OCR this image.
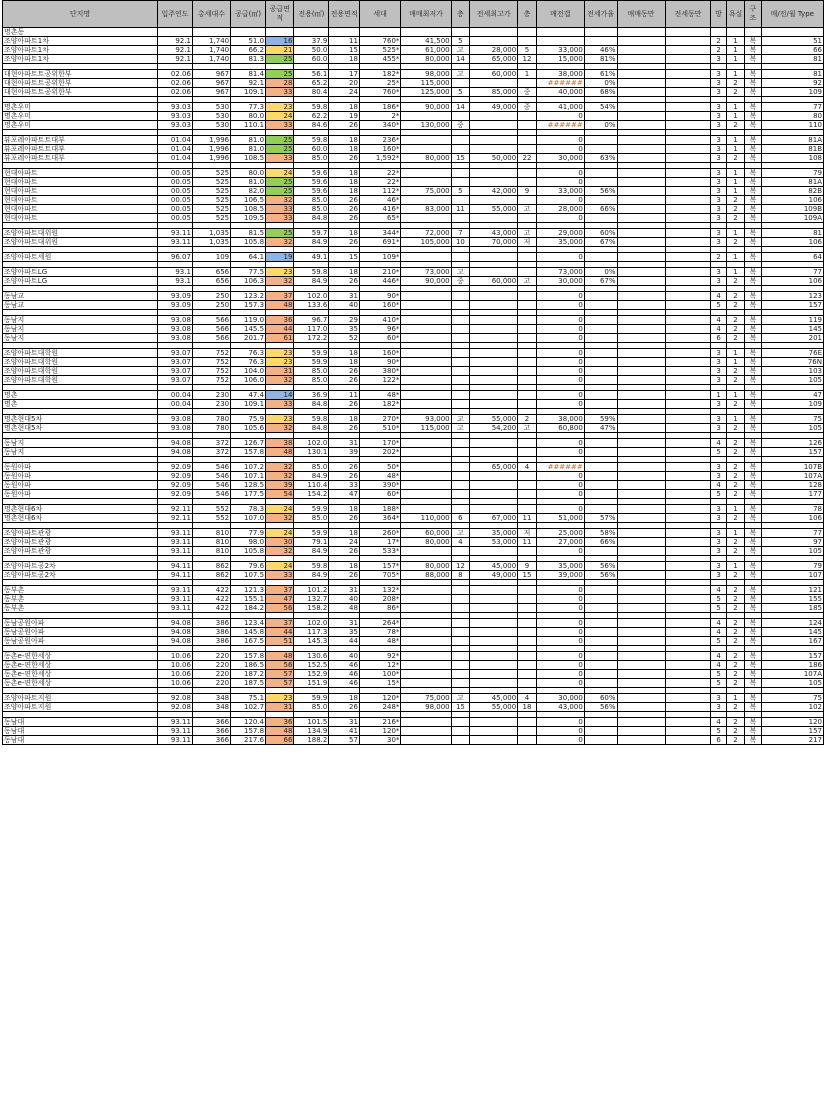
단지명	입주연도	총세대수	공급(㎡)	공급면적	전용(㎡)	전용면적	세대	매매최저가	층	전세최고가	층	매전갭	전세가율	매매동만	전세동만	방	욕실	구조	매/전/월 Type
명촌동																			
조양아파트1차	92.1	1,740	51.0	16	37.9	11	760*	41,500	5							2	1	복	51
조양아파트1차	92.1	1,740	66.2	21	50.0	15	525*	61,000	고	28,000	5	33,000	46%			2	1	복	66
조양아파트1차	92.1	1,740	81.3	25	60.0	18	455*	80,000	14	65,000	12	15,000	81%			3	1	복	81

대현아파트트공위한부	02.06	967	81.4	25	56.1	17	182*	98,000	고	60,000	1	38,000	61%			3	1	복	81
대현아파트트공위한부	02.06	967	92.1	28	65.2	20	25*	115,000				######	0%			3	2	복	92
대현아파트트공위한부	02.06	967	109.1	33	80.4	24	760*	125,000	5	85,000	중	40,000	68%			3	2	복	109

명촌우미	93.03	530	77.3	23	59.8	18	186*	90,000	14	49,000	중	41,000	54%			3	1	복	77
명촌우미	93.03	530	80.0	24	62.2	19	2*					0				3	1	복	80
명촌우미	93.03	530	110.1	33	84.6	26	340*	130,000	중			######	0%			3	2	복	110

뷰포레아파트트대부	01.04	1,996	81.0	25	59.8	18	236*					0				3	1	복	81A
뷰포레아파트트대부	01.04	1,996	81.0	25	60.0	18	160*					0				3	1	복	81B
뷰포레아파트트대부	01.04	1,996	108.5	33	85.0	26	1,592*	80,000	15	50,000	22	30,000	63%			3	2	복	108

현대아파트	00.05	525	80.0	24	59.6	18	22*					0				3	1	복	79
현대아파트	00.05	525	81.0	25	59.6	18	22*					0				3	1	복	81A
현대아파트	00.05	525	82.0	25	59.6	18	112*	75,000	5	42,000	9	33,000	56%			3	1	복	82B
현대아파트	00.05	525	106.5	32	85.0	26	46*					0				3	2	복	106
현대아파트	00.05	525	108.5	33	85.0	26	416*	83,000	11	55,000	고	28,000	66%			3	2	복	109B
현대아파트	00.05	525	109.5	33	84.8	26	65*					0				3	2	복	109A

조양아파트대위원	93.11	1,035	81.5	25	59.7	18	344*	72,000	7	43,000	고	29,000	60%			3	1	복	81
조양아파트대위원	93.11	1,035	105.8	32	84.9	26	691*	105,000	10	70,000	저	35,000	67%			3	2	복	106

조양아파트세원	96.07	109	64.1	19	49.1	15	109*					0				2	1	복	64

조양아파트LG	93.1	656	77.5	23	59.8	18	210*	73,000	고			73,000	0%			3	1	복	77
조양아파트LG	93.1	656	106.3	32	84.9	26	446*	90,000	중	60,000	고	30,000	67%			3	2	복	106

동남교	93.09	250	123.2	37	102.0	31	90*					0				4	2	복	123
동남교	93.09	250	157.3	48	133.6	40	160*					0				5	2	복	157

동남지	93.08	566	119.0	36	96.7	29	410*					0				4	2	복	119
동남지	93.08	566	145.5	44	117.0	35	96*					0				4	2	복	145
동남지	93.08	566	201.7	61	172.2	52	60*					0				6	2	복	201

조양아파트대학원	93.07	752	76.3	23	59.9	18	160*					0				3	1	복	76E
조양아파트대학원	93.07	752	76.3	23	59.9	18	90*					0				3	1	복	76N
조양아파트대학원	93.07	752	104.0	31	85.0	26	380*					0				3	2	복	103
조양아파트대학원	93.07	752	106.0	32	85.0	26	122*					0				3	2	복	105

명촌	00.04	230	47.4	14	36.9	11	48*					0				1	1	복	47
명촌	00.04	230	109.1	33	84.8	26	182*					0				3	2	복	109

명촌현대5차	93.08	780	75.9	23	59.8	18	270*	93,000	고	55,000	2	38,000	59%			3	1	복	75
명촌현대5차	93.08	780	105.6	32	84.8	26	510*	115,000	고	54,200	고	60,800	47%			3	2	복	105

동남지	94.08	372	126.7	38	102.0	31	170*					0				4	2	복	126
동남지	94.08	372	157.8	48	130.1	39	202*					0				5	2	복	157

동원아파	92.09	546	107.2	32	85.0	26	50*			65,000	4	######				3	2	복	107B
동원아파	92.09	546	107.1	32	84.9	26	48*					0				3	2	복	107A
동원아파	92.09	546	128.5	39	110.4	33	390*					0				4	2	복	128
동원아파	92.09	546	177.5	54	154.2	47	60*					0				5	2	복	177

명촌현대6차	92.11	552	78.3	24	59.9	18	188*					0				3	1	복	78
명촌현대6차	92.11	552	107.0	32	85.0	26	364*	110,000	6	67,000	11	51,000	57%			3	2	복	106

조양아파트관광	93.11	810	77.9	24	59.9	18	260*	60,000	고	35,000	저	25,000	58%			3	1	복	77
조양아파트관광	93.11	810	98.0	30	79.1	24	17*	80,000	4	53,000	11	27,000	66%			3	2	복	97
조양아파트관광	93.11	810	105.8	32	84.9	26	533*					0				3	2	복	105

조양아파트공2차	94.11	862	79.6	24	59.8	18	157*	80,000	12	45,000	9	35,000	56%			3	1	복	79
조양아파트공2차	94.11	862	107.5	33	84.9	26	705*	88,000	8	49,000	15	39,000	56%			3	2	복	107

동부촌	93.11	422	121.3	37	101.2	31	132*					0				4	2	복	121
동부촌	93.11	422	155.1	47	132.7	40	208*					0				5	2	복	155
동부촌	93.11	422	184.2	56	158.2	48	86*					0				5	2	복	185

동남공원아파	94.08	386	123.4	37	102.0	31	264*					0				4	2	복	124
동남공원아파	94.08	386	145.8	44	117.3	35	78*					0				4	2	복	145
동남공원아파	94.08	386	167.5	51	145.3	44	48*					0				5	2	복	167

동촌e-편한세상	10.06	220	157.8	48	130.6	40	92*					0				4	2	복	157
동촌e-편한세상	10.06	220	186.5	56	152.5	46	12*					0				4	2	복	186
동촌e-편한세상	10.06	220	187.2	57	152.9	46	100*					0				5	2	복	107A
동촌e-편한세상	10.06	220	187.5	57	151.9	46	15*					0				5	2	복	105

조양아파트지원	92.08	348	75.1	23	59.9	18	120*	75,000	고	45,000	4	30,000	60%			3	1	복	75
조양아파트지원	92.08	348	102.7	31	85.0	26	248*	98,000	15	55,000	18	43,000	56%			3	2	복	102

동남대	93.11	366	120.4	36	101.5	31	216*					0				4	2	복	120
동남대	93.11	366	157.8	48	134.9	41	120*					0				5	2	복	157
동남대	93.11	366	217.6	66	188.2	57	30*					0				6	2	복	217
